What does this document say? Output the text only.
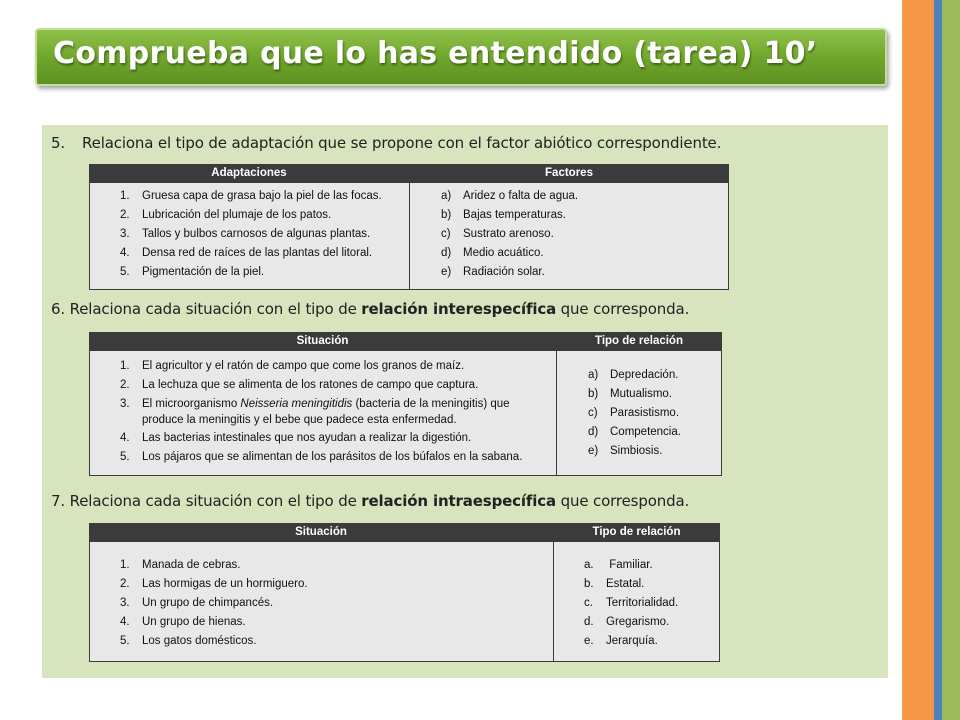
Comprueba que lo has entendido (tarea) 10’
5. Relaciona el tipo de adaptación que se propone con el factor abiótico correspondiente.
Adaptaciones	Factores
1. Gruesa capa de grasa bajo la piel de las focas.
2. Lubricación del plumaje de los patos.
3. Tallos y bulbos carnosos de algunas plantas.
4. Densa red de raíces de las plantas del litoral.
5. Pigmentación de la piel.
a) Aridez o falta de agua.
b) Bajas temperaturas.
c) Sustrato arenoso.
d) Medio acuático.
e) Radiación solar.
6. Relaciona cada situación con el tipo de relación interespecífica que corresponda.
Situación	Tipo de relación
1. El agricultor y el ratón de campo que come los granos de maíz.
2. La lechuza que se alimenta de los ratones de campo que captura.
3. El microorganismo Neisseria meningitidis (bacteria de la meningitis) que
produce la meningitis y el bebe que padece esta enfermedad.
4. Las bacterias intestinales que nos ayudan a realizar la digestión.
5. Los pájaros que se alimentan de los parásitos de los búfalos en la sabana.
a) Depredación.
b) Mutualismo.
c) Parasistismo.
d) Competencia.
e) Simbiosis.
7. Relaciona cada situación con el tipo de relación intraespecífica que corresponda.
Situación	Tipo de relación
1. Manada de cebras.
2. Las hormigas de un hormiguero.
3. Un grupo de chimpancés.
4. Un grupo de hienas.
5. Los gatos domésticos.
a. Familiar.
b. Estatal.
c. Territorialidad.
d. Gregarismo.
e. Jerarquía.
